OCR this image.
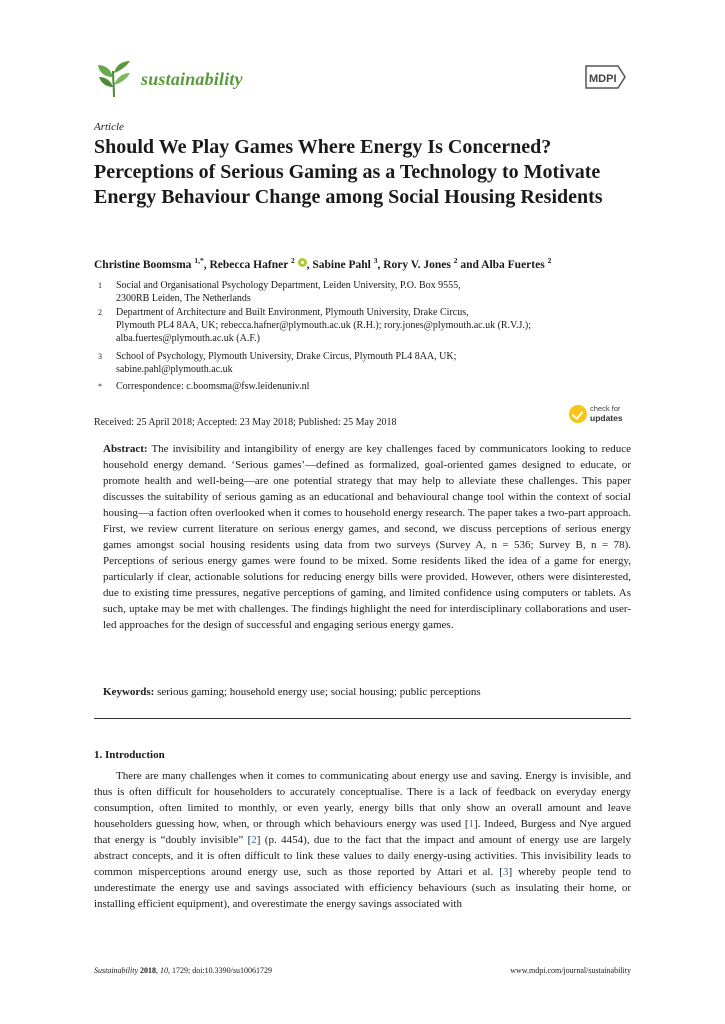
sustainability	MDPI
Article
Should We Play Games Where Energy Is Concerned? Perceptions of Serious Gaming as a Technology to Motivate Energy Behaviour Change among Social Housing Residents
Christine Boomsma $^{1,*}$, Rebecca Hafner $^2$ , Sabine Pahl $^3$, Rory V. Jones $^2$ and Alba Fuertes $^2$
1 Social and Organisational Psychology Department, Leiden University, P.O. Box 9555,
2300RB Leiden, The Netherlands
2 Department of Architecture and Built Environment, Plymouth University, Drake Circus,
Plymouth PL4 8AA, UK; rebecca.hafner@plymouth.ac.uk (R.H.); rory.jones@plymouth.ac.uk (R.V.J.);
alba.fuertes@plymouth.ac.uk (A.F.)
3 School of Psychology, Plymouth University, Drake Circus, Plymouth PL4 8AA, UK;
sabine.pahl@plymouth.ac.uk
* Correspondence: c.boomsma@fsw.leidenuniv.nl
Received: 25 April 2018; Accepted: 23 May 2018; Published: 25 May 2018
check for
updates
Abstract: The invisibility and intangibility of energy are key challenges faced by communicators looking to reduce household energy demand. ‘Serious games’—defined as formalized, goal-oriented games designed to educate, or promote health and well-being—are one potential strategy that may help to alleviate these challenges. This paper discusses the suitability of serious gaming as an educational and behavioural change tool within the context of social housing—a faction often overlooked when it comes to household energy research. The paper takes a two-part approach. First, we review current literature on serious energy games, and second, we discuss perceptions of serious energy games amongst social housing residents using data from two surveys (Survey A, n = 536; Survey B, n = 78). Perceptions of serious energy games were found to be mixed. Some residents liked the idea of a game for energy, particularly if clear, actionable solutions for reducing energy bills were provided. However, others were disinterested, due to existing time pressures, negative perceptions of gaming, and limited confidence using computers or tablets. As such, uptake may be met with challenges. The findings highlight the need for interdisciplinary collaborations and user-led approaches for the design of successful and engaging serious energy games.
Keywords: serious gaming; household energy use; social housing; public perceptions
1. Introduction
There are many challenges when it comes to communicating about energy use and saving. Energy is invisible, and thus is often difficult for householders to accurately conceptualise. There is a lack of feedback on everyday energy consumption, often limited to monthly, or even yearly, energy bills that only show an overall amount and leave householders guessing how, when, or through which behaviours energy was used [1]. Indeed, Burgess and Nye argued that energy is “doubly invisible” [2] (p. 4454), due to the fact that the impact and amount of energy use are largely abstract concepts, and it is often difficult to link these values to daily energy-using activities. This invisibility leads to common misperceptions around energy use, such as those reported by Attari et al. [3] whereby people tend to underestimate the energy use and savings associated with efficiency behaviours (such as insulating their home, or installing efficient equipment), and overestimate the energy savings associated with
Sustainability 2018, 10, 1729; doi:10.3390/su10061729	www.mdpi.com/journal/sustainability
